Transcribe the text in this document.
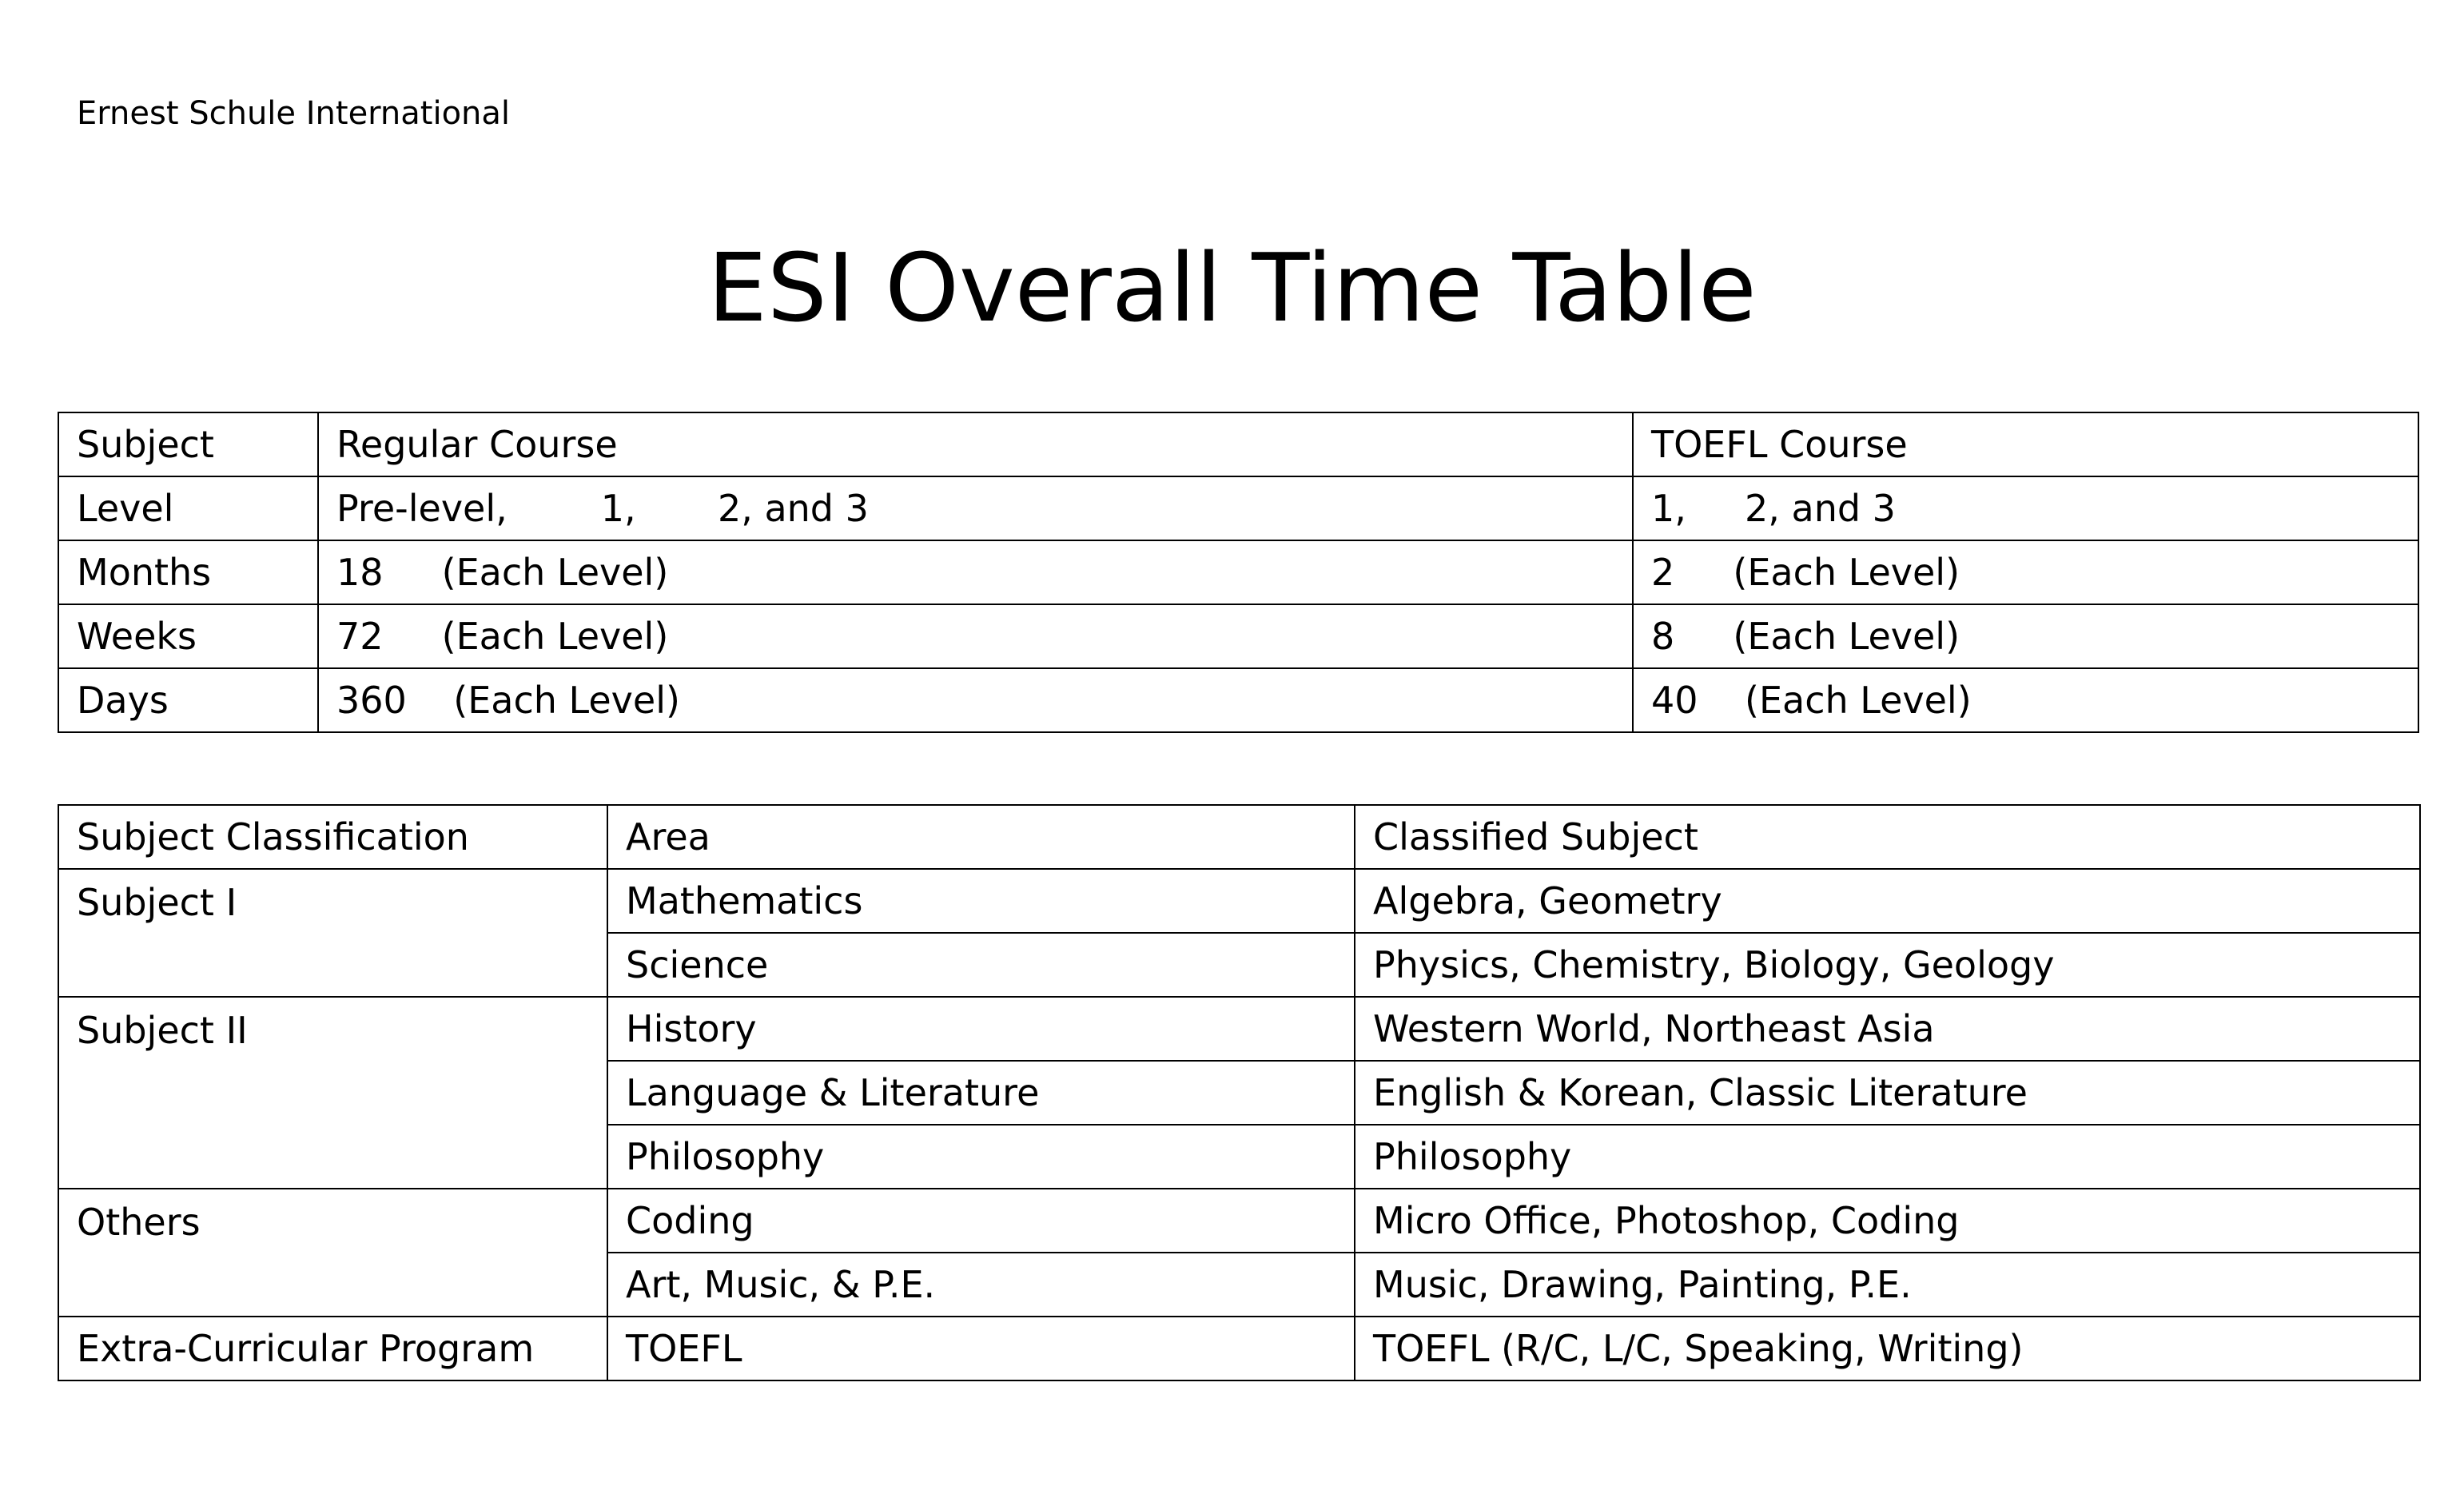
Ernest Schule International
ESI Overall Time Table
Subject	Regular Course	TOEFL Course
Level	Pre-level,        1,       2, and 3	1,     2, and 3
Months	18     (Each Level)	2     (Each Level)
Weeks	72     (Each Level)	8     (Each Level)
Days	360    (Each Level)	40    (Each Level)
Subject Classification	Area	Classified Subject
Subject I	Mathematics	Algebra, Geometry
	Science	Physics, Chemistry, Biology, Geology
Subject II	History	Western World, Northeast Asia
	Language & Literature	English & Korean, Classic Literature
	Philosophy	Philosophy
Others	Coding	Micro Office, Photoshop, Coding
	Art, Music, & P.E.	Music, Drawing, Painting, P.E.
Extra-Curricular Program	TOEFL	TOEFL (R/C, L/C, Speaking, Writing)
